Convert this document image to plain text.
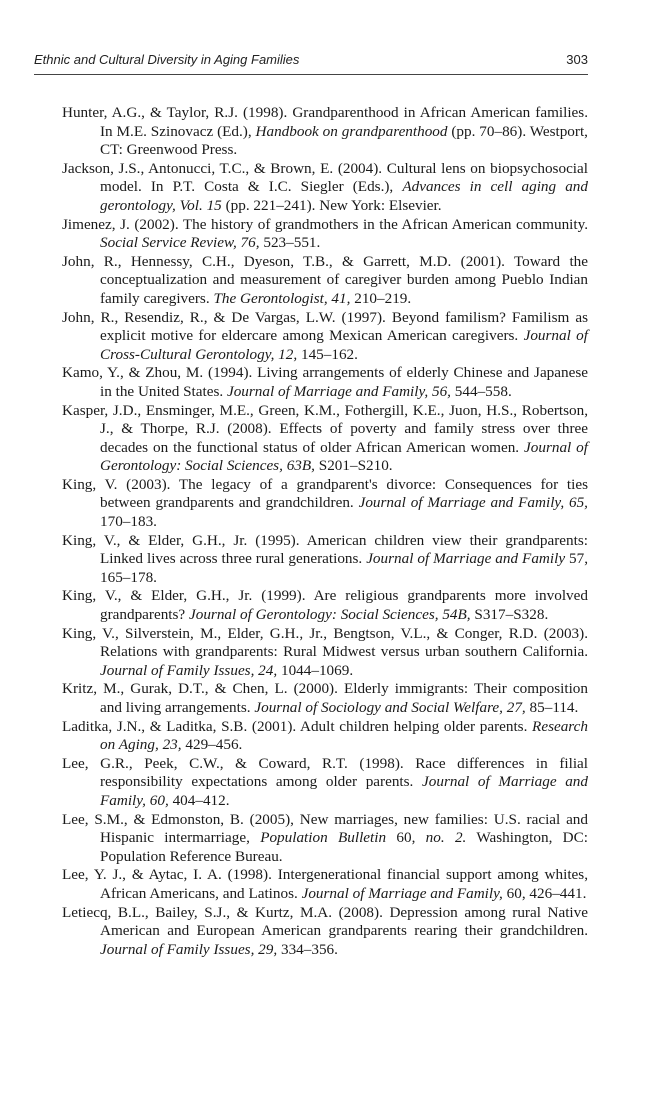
Ethnic and Cultural Diversity in Aging Families	303

Hunter, A.G., & Taylor, R.J. (1998). Grandparenthood in African American families. In M.E. Szinovacz (Ed.), Handbook on grandparenthood (pp. 70–86). Westport, CT: Greenwood Press.

Jackson, J.S., Antonucci, T.C., & Brown, E. (2004). Cultural lens on biopsychosocial model. In P.T. Costa & I.C. Siegler (Eds.), Advances in cell aging and gerontology, Vol. 15 (pp. 221–241). New York: Elsevier.

Jimenez, J. (2002). The history of grandmothers in the African American community. Social Service Review, 76, 523–551.

John, R., Hennessy, C.H., Dyeson, T.B., & Garrett, M.D. (2001). Toward the conceptualization and measurement of caregiver burden among Pueblo Indian family caregivers. The Gerontologist, 41, 210–219.

John, R., Resendiz, R., & De Vargas, L.W. (1997). Beyond familism? Familism as explicit motive for eldercare among Mexican American caregivers. Journal of Cross-Cultural Gerontology, 12, 145–162.

Kamo, Y., & Zhou, M. (1994). Living arrangements of elderly Chinese and Japanese in the United States. Journal of Marriage and Family, 56, 544–558.

Kasper, J.D., Ensminger, M.E., Green, K.M., Fothergill, K.E., Juon, H.S., Robertson, J., & Thorpe, R.J. (2008). Effects of poverty and family stress over three decades on the functional status of older African American women. Journal of Gerontology: Social Sciences, 63B, S201–S210.

King, V. (2003). The legacy of a grandparent's divorce: Consequences for ties between grandparents and grandchildren. Journal of Marriage and Family, 65, 170–183.

King, V., & Elder, G.H., Jr. (1995). American children view their grandparents: Linked lives across three rural generations. Journal of Marriage and Family 57, 165–178.

King, V., & Elder, G.H., Jr. (1999). Are religious grandparents more involved grandparents? Journal of Gerontology: Social Sciences, 54B, S317–S328.

King, V., Silverstein, M., Elder, G.H., Jr., Bengtson, V.L., & Conger, R.D. (2003). Relations with grandparents: Rural Midwest versus urban southern California. Journal of Family Issues, 24, 1044–1069.

Kritz, M., Gurak, D.T., & Chen, L. (2000). Elderly immigrants: Their composition and living arrangements. Journal of Sociology and Social Welfare, 27, 85–114.

Laditka, J.N., & Laditka, S.B. (2001). Adult children helping older parents. Research on Aging, 23, 429–456.

Lee, G.R., Peek, C.W., & Coward, R.T. (1998). Race differences in filial responsibility expectations among older parents. Journal of Marriage and Family, 60, 404–412.

Lee, S.M., & Edmonston, B. (2005), New marriages, new families: U.S. racial and Hispanic intermarriage, Population Bulletin 60, no. 2. Washington, DC: Population Reference Bureau.

Lee, Y. J., & Aytac, I. A. (1998). Intergenerational financial support among whites, African Americans, and Latinos. Journal of Marriage and Family, 60, 426–441.

Letiecq, B.L., Bailey, S.J., & Kurtz, M.A. (2008). Depression among rural Native American and European American grandparents rearing their grandchildren. Journal of Family Issues, 29, 334–356.
